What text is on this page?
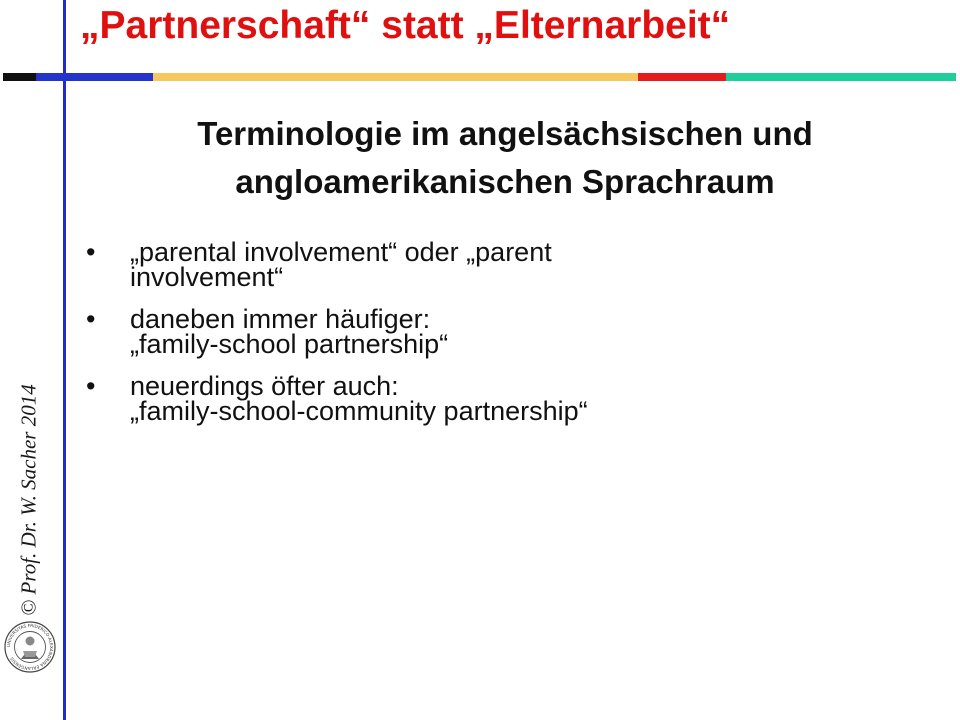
„Partnerschaft“ statt „Elternarbeit“
Terminologie im angelsächsischen und angloamerikanischen Sprachraum
• „parental involvement“ oder „parent
involvement“
• daneben immer häufiger:
„family-school partnership“
• neuerdings öfter auch:
„family-school-community partnership“
© Prof. Dr. W. Sacher 2014
UNIVERSITAS FRIDERICO-ALEXANDRINA ERLANGENSIS
